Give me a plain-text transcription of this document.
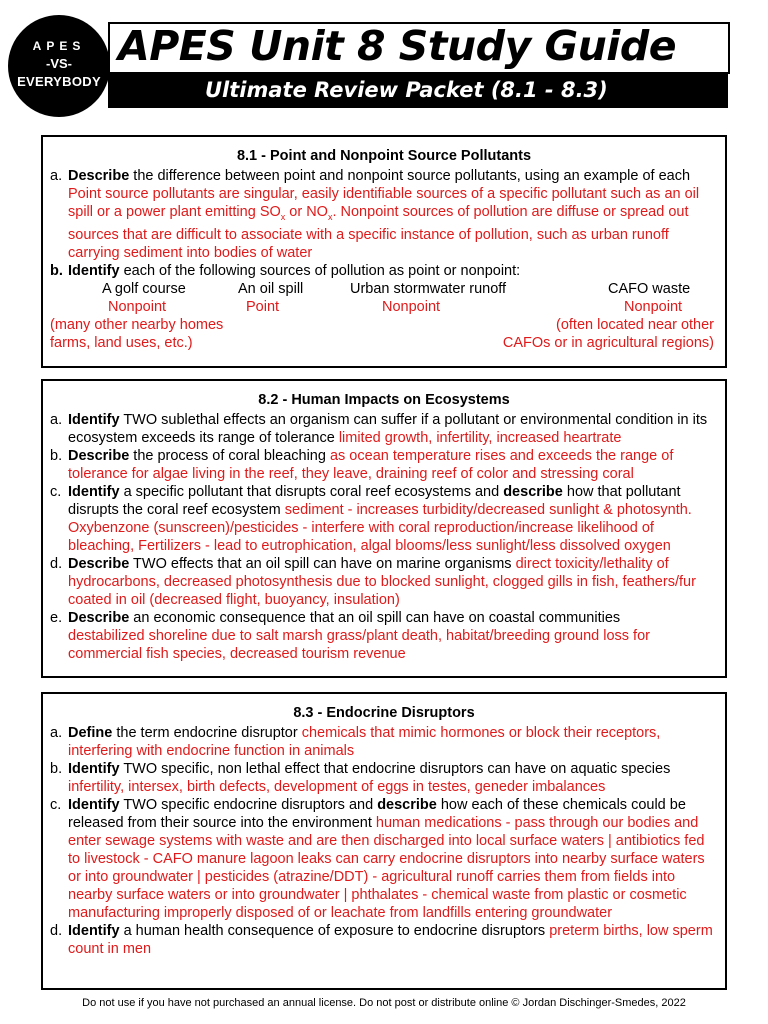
APES
-VS-
EVERYBODY
APES Unit 8 Study Guide
Ultimate Review Packet (8.1 - 8.3)
8.1 - Point and Nonpoint Source Pollutants
a. Describe the difference between point and nonpoint source pollutants, using an example of each
Point source pollutants are singular, easily identifiable sources of a specific pollutant such as an oil spill or a power plant emitting $SO_x$ or $NO_x$. Nonpoint sources of pollution are diffuse or spread out sources that are difficult to associate with a specific instance of pollution, such as urban runoff carrying sediment into bodies of water
b. Identify each of the following sources of pollution as point or nonpoint:
A golf course
Nonpoint
An oil spill
Point
Urban stormwater runoff
Nonpoint
CAFO waste
Nonpoint
(many other nearby homes
farms, land uses, etc.)
(often located near other
CAFOs or in agricultural regions)
8.2 - Human Impacts on Ecosystems
a. Identify TWO sublethal effects an organism can suffer if a pollutant or environmental condition in its ecosystem exceeds its range of tolerance limited growth, infertility, increased heartrate
b. Describe the process of coral bleaching as ocean temperature rises and exceeds the range of tolerance for algae living in the reef, they leave, draining reef of color and stressing coral
c. Identify a specific pollutant that disrupts coral reef ecosystems and describe how that pollutant disrupts the coral reef ecosystem sediment - increases turbidity/decreased sunlight & photosynth. Oxybenzone (sunscreen)/pesticides - interfere with coral reproduction/increase likelihood of bleaching, Fertilizers - lead to eutrophication, algal blooms/less sunlight/less dissolved oxygen
d. Describe TWO effects that an oil spill can have on marine organisms direct toxicity/lethality of hydrocarbons, decreased photosynthesis due to blocked sunlight, clogged gills in fish, feathers/fur coated in oil (decreased flight, buoyancy, insulation)
e. Describe an economic consequence that an oil spill can have on coastal communities
destabilized shoreline due to salt marsh grass/plant death, habitat/breeding ground loss for commercial fish species, decreased tourism revenue
8.3 - Endocrine Disruptors
a. Define the term endocrine disruptor chemicals that mimic hormones or block their receptors, interfering with endocrine function in animals
b. Identify TWO specific, non lethal effect that endocrine disruptors can have on aquatic species infertility, intersex, birth defects, development of eggs in testes, geneder imbalances
c. Identify TWO specific endocrine disruptors and describe how each of these chemicals could be released from their source into the environment human medications - pass through our bodies and enter sewage systems with waste and are then discharged into local surface waters | antibiotics fed to livestock - CAFO manure lagoon leaks can carry endocrine disruptors into nearby surface waters or into groundwater | pesticides (atrazine/DDT) - agricultural runoff carries them from fields into nearby surface waters or into groundwater | phthalates - chemical waste from plastic or cosmetic manufacturing improperly disposed of or leachate from landfills entering groundwater
d. Identify a human health consequence of exposure to endocrine disruptors preterm births, low sperm count in men
Do not use if you have not purchased an annual license. Do not post or distribute online © Jordan Dischinger-Smedes, 2022
